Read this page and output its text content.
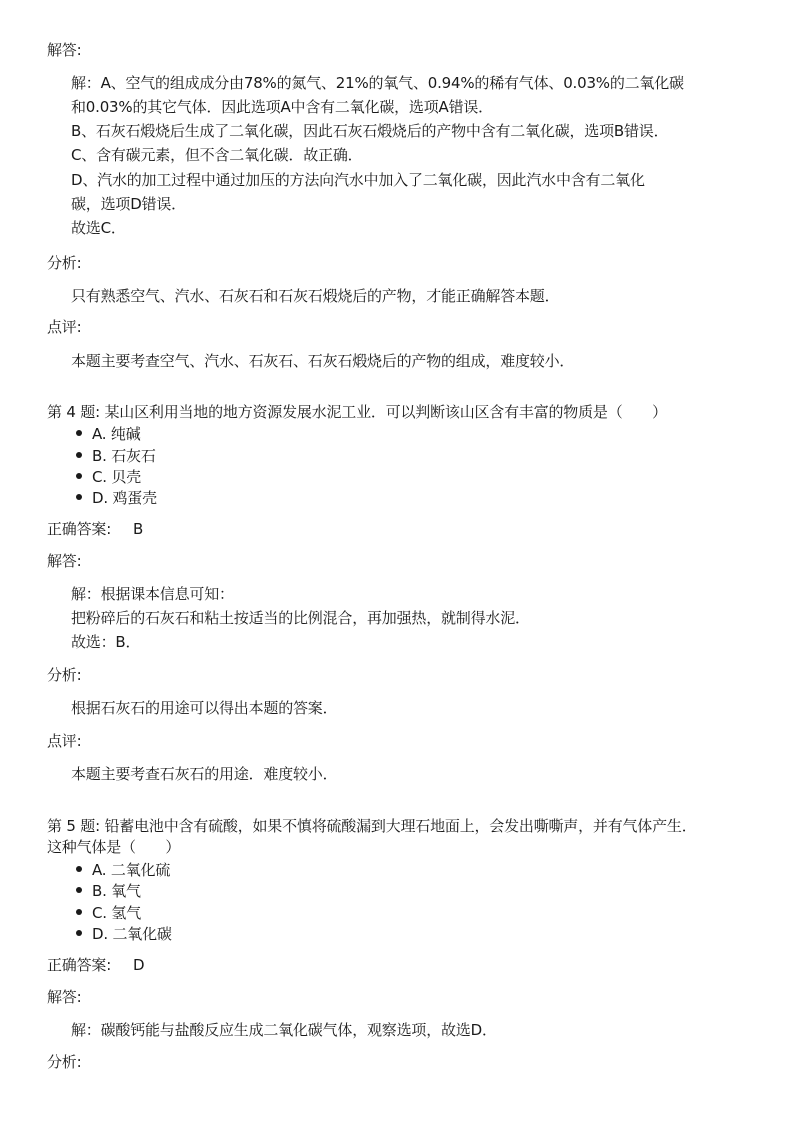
解答:
解：A、空气的组成成分由78%的氮气、21%的氧气、0.94%的稀有气体、0.03%的二氧化碳
和0.03%的其它气体．因此选项A中含有二氧化碳，选项A错误．
B、石灰石煅烧后生成了二氧化碳，因此石灰石煅烧后的产物中含有二氧化碳，选项B错误．
C、含有碳元素，但不含二氧化碳．故正确．
D、汽水的加工过程中通过加压的方法向汽水中加入了二氧化碳，因此汽水中含有二氧化
碳，选项D错误．
故选C．
分析:
只有熟悉空气、汽水、石灰石和石灰石煅烧后的产物，才能正确解答本题．
点评:
本题主要考查空气、汽水、石灰石、石灰石煅烧后的产物的组成，难度较小．
第 4 题: 某山区利用当地的地方资源发展水泥工业．可以判断该山区含有丰富的物质是（　　）
A. 纯碱
B. 石灰石
C. 贝壳
D. 鸡蛋壳
正确答案: B
解答:
解：根据课本信息可知：
把粉碎后的石灰石和粘土按适当的比例混合，再加强热，就制得水泥．
故选：B．
分析:
根据石灰石的用途可以得出本题的答案．
点评:
本题主要考查石灰石的用途．难度较小．
第 5 题: 铅蓄电池中含有硫酸，如果不慎将硫酸漏到大理石地面上，会发出嘶嘶声，并有气体产生．
这种气体是（　　）
A. 二氧化硫
B. 氧气
C. 氢气
D. 二氧化碳
正确答案: D
解答:
解：碳酸钙能与盐酸反应生成二氧化碳气体，观察选项，故选D．
分析:
